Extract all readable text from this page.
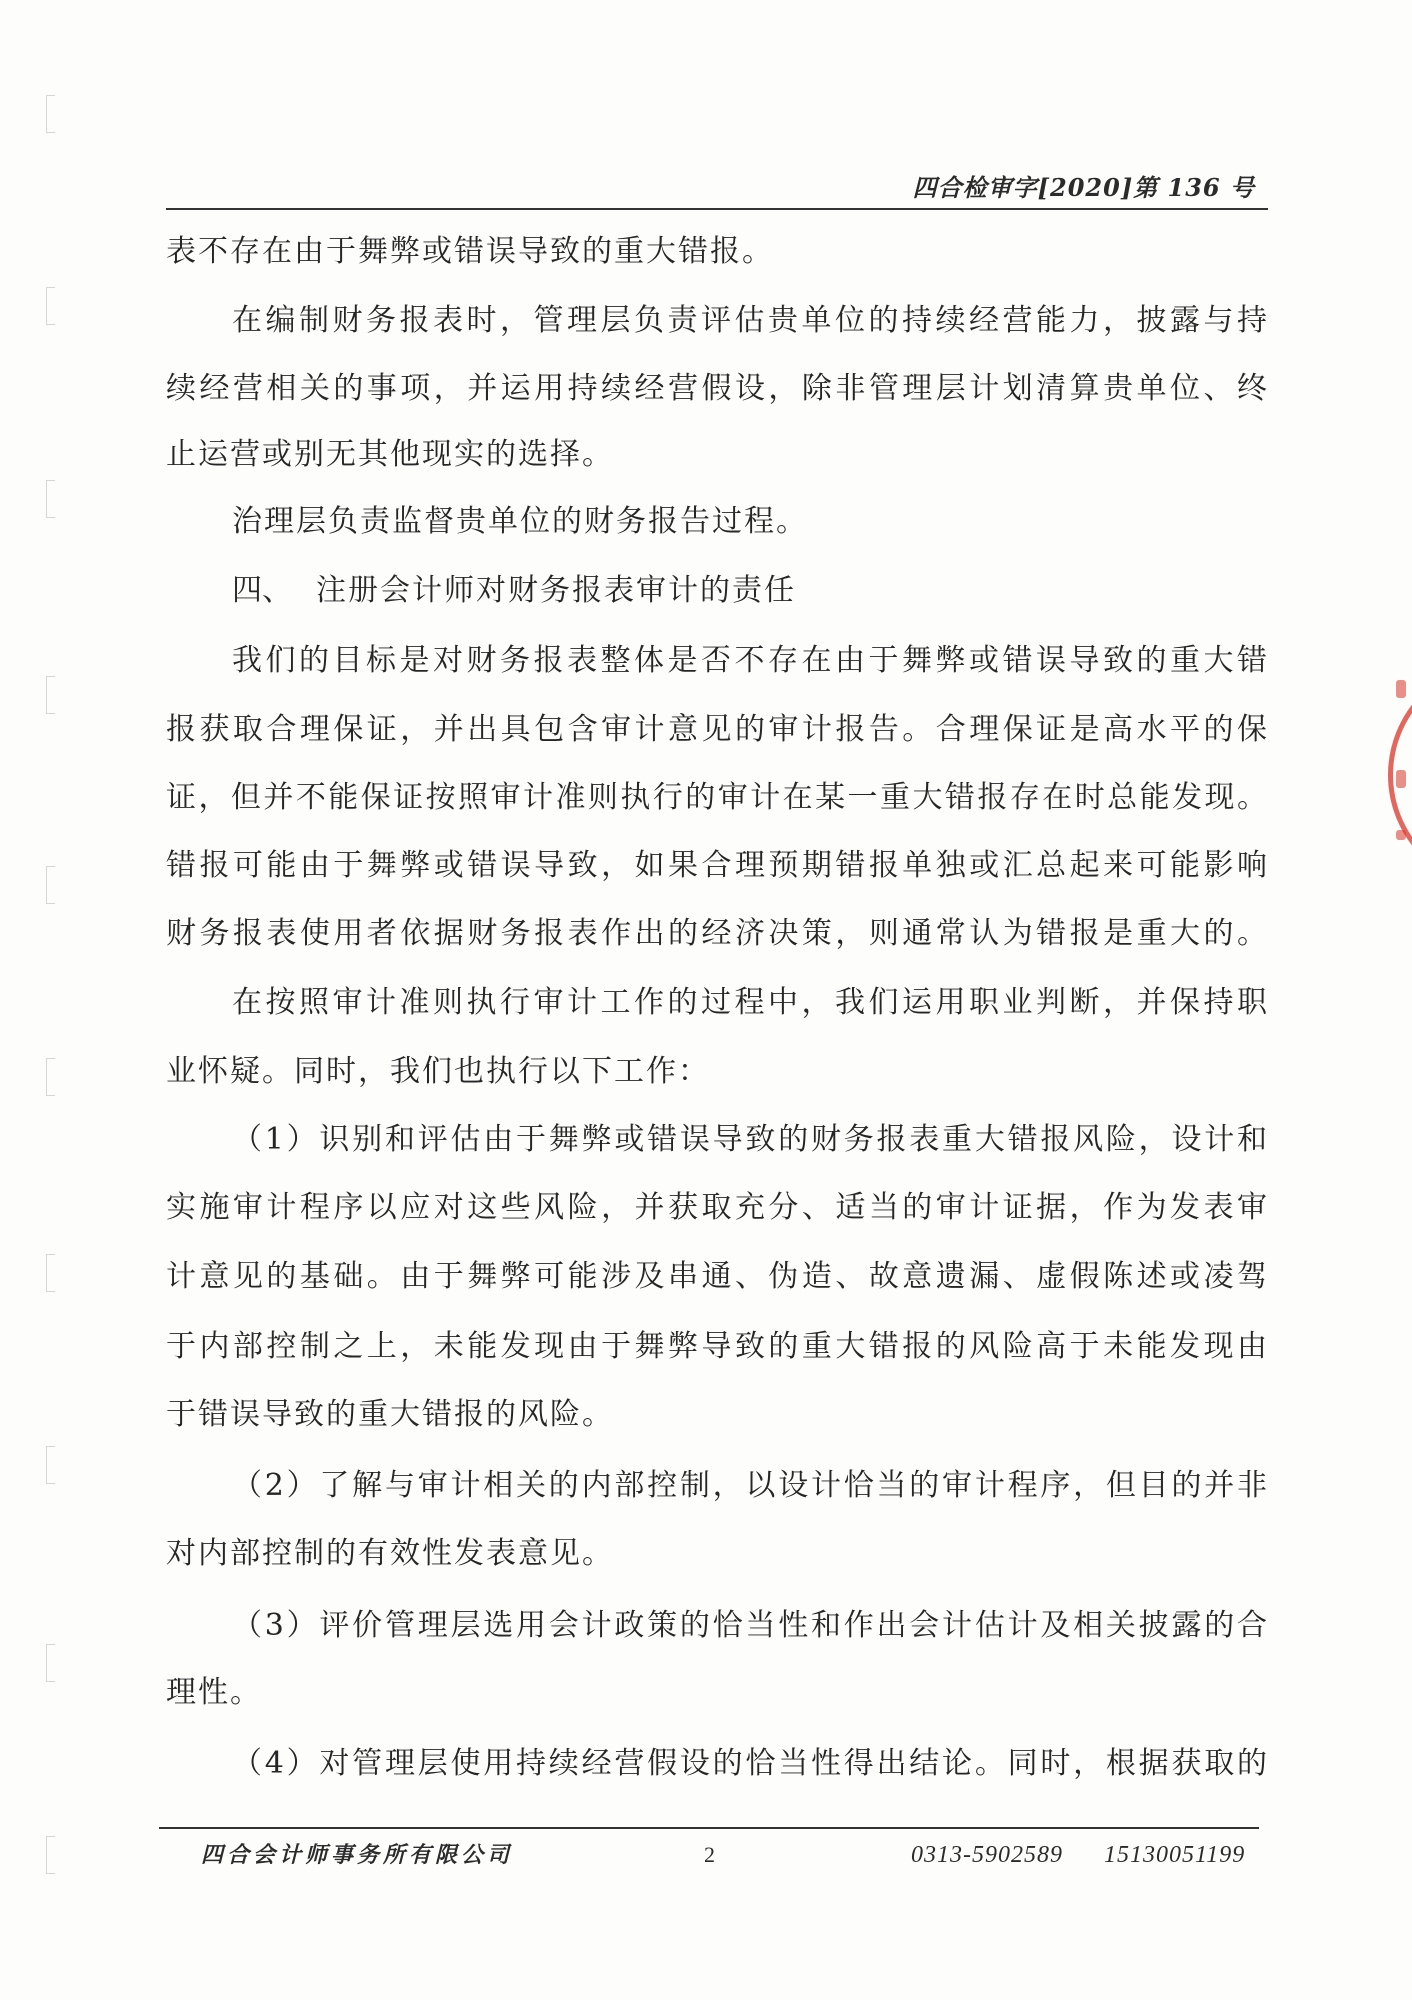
四合检审字[2020]第 136 号
表不存在由于舞弊或错误导致的重大错报。
在编制财务报表时，管理层负责评估贵单位的持续经营能力，披露与持
续经营相关的事项，并运用持续经营假设，除非管理层计划清算贵单位、终
止运营或别无其他现实的选择。
治理层负责监督贵单位的财务报告过程。
四、 注册会计师对财务报表审计的责任
我们的目标是对财务报表整体是否不存在由于舞弊或错误导致的重大错
报获取合理保证，并出具包含审计意见的审计报告。合理保证是高水平的保
证，但并不能保证按照审计准则执行的审计在某一重大错报存在时总能发现。
错报可能由于舞弊或错误导致，如果合理预期错报单独或汇总起来可能影响
财务报表使用者依据财务报表作出的经济决策，则通常认为错报是重大的。
在按照审计准则执行审计工作的过程中，我们运用职业判断，并保持职
业怀疑。同时，我们也执行以下工作：
（1）识别和评估由于舞弊或错误导致的财务报表重大错报风险，设计和
实施审计程序以应对这些风险，并获取充分、适当的审计证据，作为发表审
计意见的基础。由于舞弊可能涉及串通、伪造、故意遗漏、虚假陈述或凌驾
于内部控制之上，未能发现由于舞弊导致的重大错报的风险高于未能发现由
于错误导致的重大错报的风险。
（2）了解与审计相关的内部控制，以设计恰当的审计程序，但目的并非
对内部控制的有效性发表意见。
（3）评价管理层选用会计政策的恰当性和作出会计估计及相关披露的合
理性。
（4）对管理层使用持续经营假设的恰当性得出结论。同时，根据获取的
四合会计师事务所有限公司	2	0313-5902589 15130051199
